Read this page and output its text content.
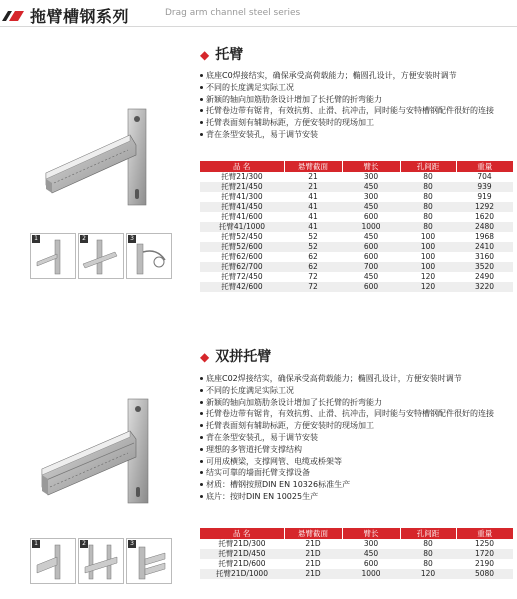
拖臂槽钢系列	Drag arm channel steel series
◆ 托臂
底座C0焊接结实，确保承受高荷载能力；椭圆孔设计，方便安装时调节
不同的长度满足实际工况
新颖的轴向加筋肋条设计增加了长托臂的折弯能力
托臂卷边带有锯肯，有效抗剪、止滑、抗冲击，同时能与安特槽钢配件很好的连接
托臂表面刻有辅助标距，方便安装时的现场加工
背在条型安装孔，易于调节安装
1	2	3
品 名	悬臂截面	臂长	孔间距	重量
托臂21/300	21	300	80	704
托臂21/450	21	450	80	939
托臂41/300	41	300	80	919
托臂41/450	41	450	80	1292
托臂41/600	41	600	80	1620
托臂41/1000	41	1000	80	2480
托臂52/450	52	450	100	1968
托臂52/600	52	600	100	2410
托臂62/600	62	600	100	3160
托臂62/700	62	700	100	3520
托臂72/450	72	450	120	2490
托臂42/600	72	600	120	3220
◆ 双拼托臂
底座C02焊接结实，确保承受高荷载能力；椭圆孔设计，方便安装时调节
不同的长度满足实际工况
新颖的轴向加筋肋条设计增加了长托臂的折弯能力
托臂卷边带有锯肯，有效抗剪、止滑、抗冲击，同时能与安特槽钢配件很好的连接
托臂表面刻有辅助标距，方便安装时的现场加工
背在条型安装孔，易于调节安装
理想的多管道托臂支撑结构
可用成横梁，支撑网管、电缆或桥架等
结实可靠的墙面托臂支撑设备
材质：槽钢按照DIN EN 10326标准生产
底片：按时DIN EN 10025生产
1	2	3
品 名	悬臂截面	臂长	孔间距	重量
托臂21D/300	21D	300	80	1250
托臂21D/450	21D	450	80	1720
托臂21D/600	21D	600	80	2190
托臂21D/1000	21D	1000	120	5080
